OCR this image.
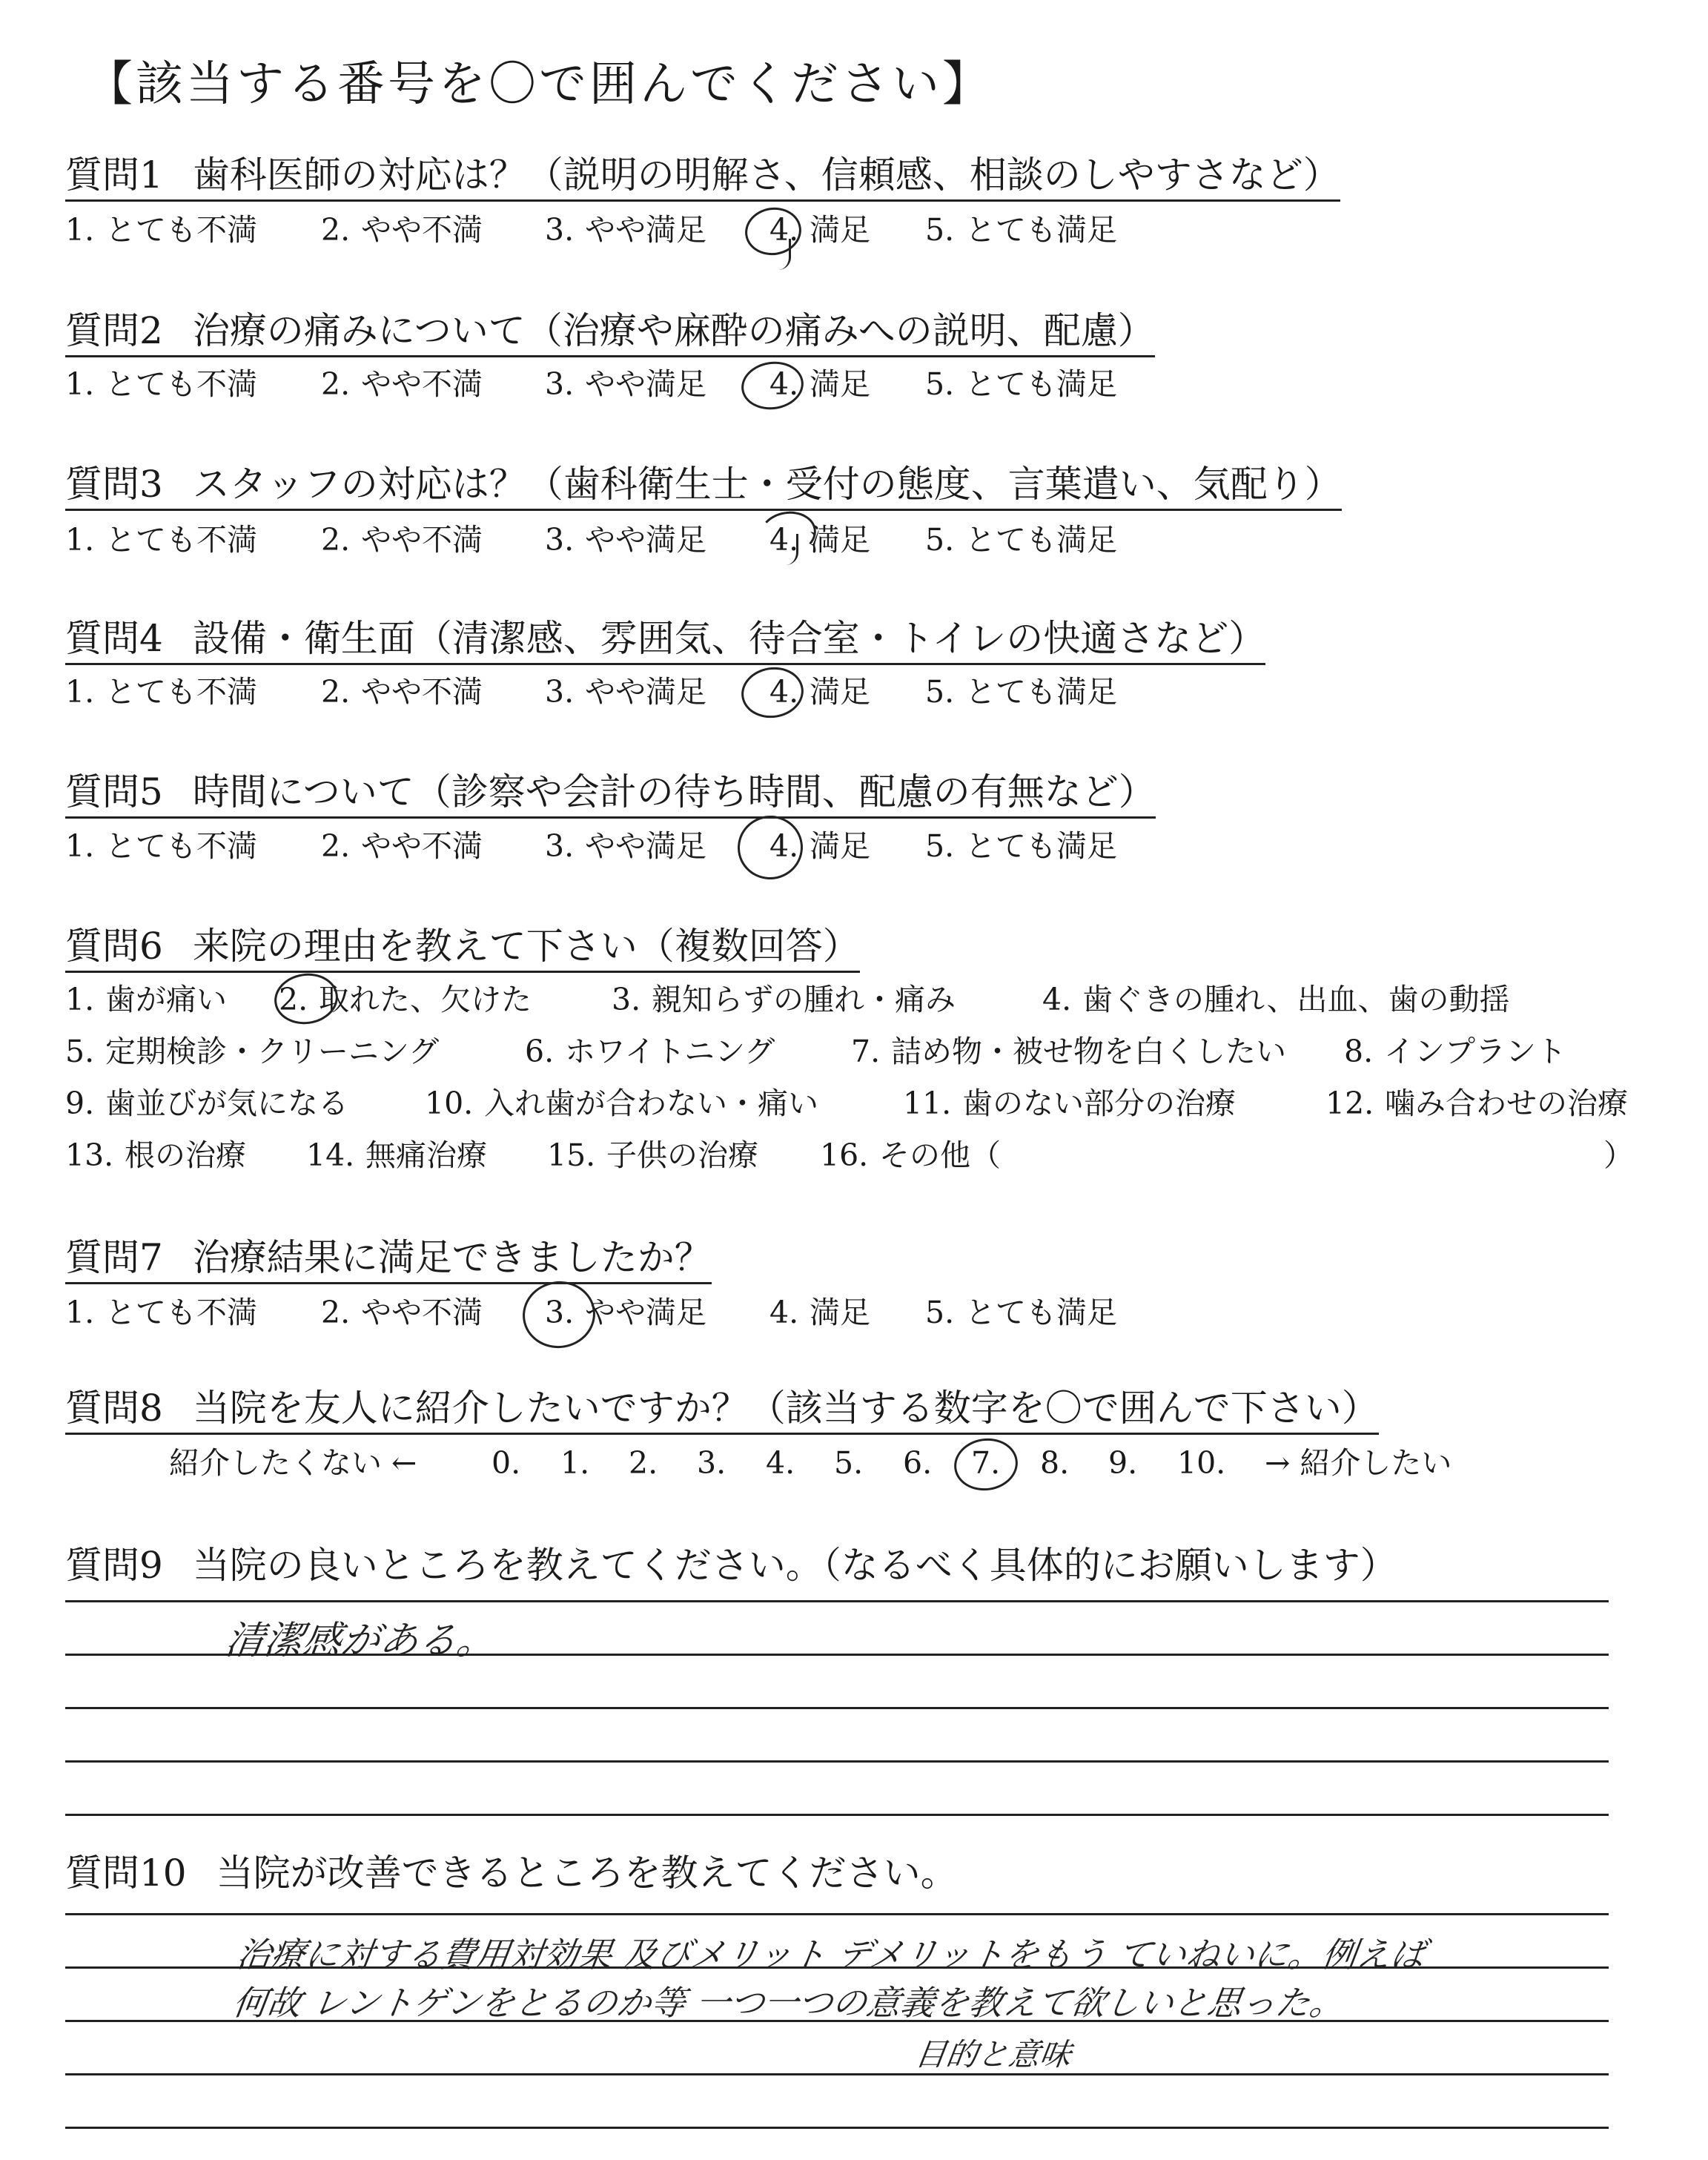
【該当する番号を〇で囲んでください】
質問1 歯科医師の対応は？（説明の明解さ、信頼感、相談のしやすさなど）
1. とても不満 2. やや不満 3. やや満足 4. 満足 5. とても満足
質問2 治療の痛みについて（治療や麻酔の痛みへの説明、配慮）
1. とても不満 2. やや不満 3. やや満足 4. 満足 5. とても満足
質問3 スタッフの対応は？（歯科衛生士・受付の態度、言葉遣い、気配り）
1. とても不満 2. やや不満 3. やや満足 4. 満足 5. とても満足
質問4 設備・衛生面（清潔感、雰囲気、待合室・トイレの快適さなど）
1. とても不満 2. やや不満 3. やや満足 4. 満足 5. とても満足
質問5 時間について（診察や会計の待ち時間、配慮の有無など）
1. とても不満 2. やや不満 3. やや満足 4. 満足 5. とても満足
質問6 来院の理由を教えて下さい（複数回答）
1. 歯が痛い 2. 取れた、欠けた	3. 親知らずの腫れ・痛み	4. 歯ぐきの腫れ、出血、歯の動揺
5. 定期検診・クリーニング	6. ホワイトニング	7. 詰め物・被せ物を白くしたい 8. インプラント
9. 歯並びが気になる	10. 入れ歯が合わない・痛い	11. 歯のない部分の治療	12. 噛み合わせの治療
13. 根の治療 14. 無痛治療 15. 子供の治療 16. その他（	）
質問7 治療結果に満足できましたか？
1. とても不満 2. やや不満 3. やや満足 4. 満足 5. とても満足
質問8 当院を友人に紹介したいですか？（該当する数字を〇で囲んで下さい）
紹介したくない ← 0. 1. 2. 3. 4. 5. 6. 7. 8. 9. 10. → 紹介したい
質問9 当院の良いところを教えてください。（なるべく具体的にお願いします）
清潔感がある。
質問10 当院が改善できるところを教えてください。
治療に対する費用対効果 及びメリット デメリットをもう ていねいに。例えば
何故 レントゲンをとるのか等 一つ一つの意義を教えて欲しいと思った。
目的と意味
